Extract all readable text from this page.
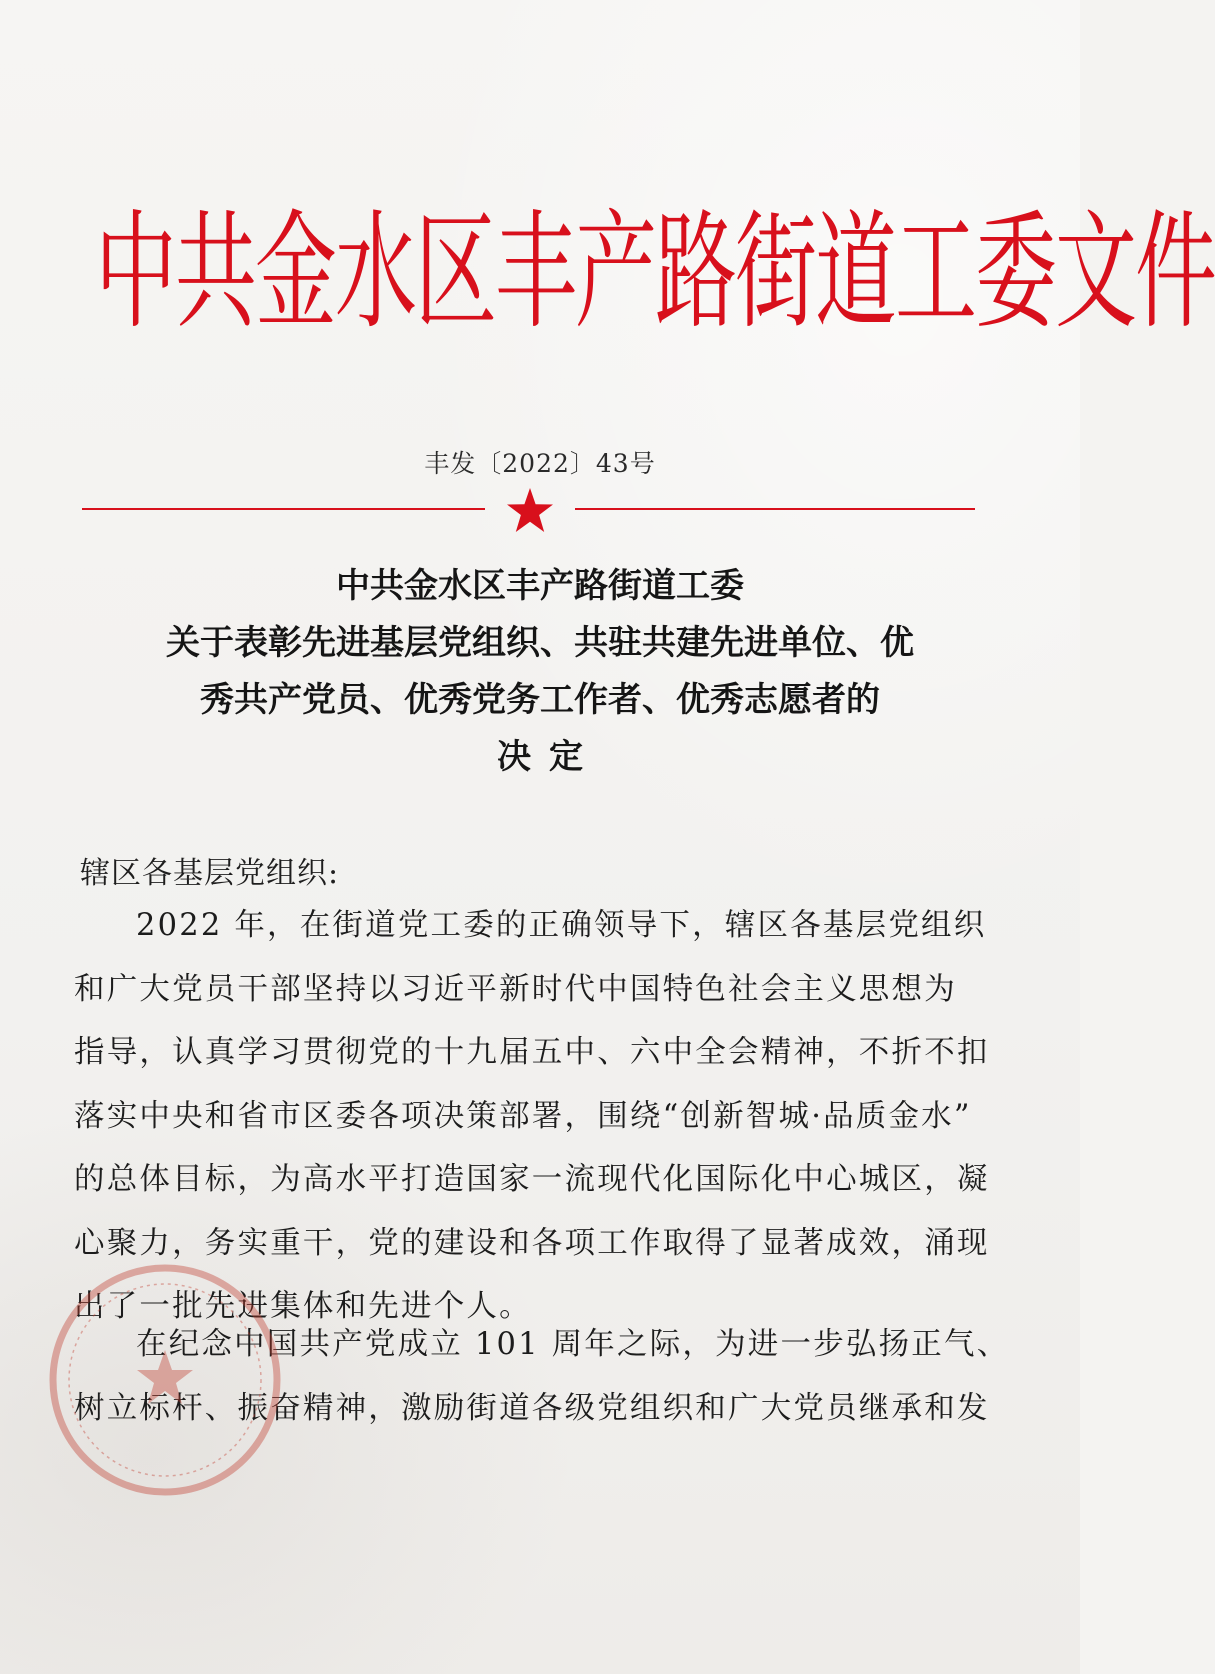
中共金水区丰产路街道工委文件
丰发〔2022〕43号
中共金水区丰产路街道工委
关于表彰先进基层党组织、共驻共建先进单位、优
秀共产党员、优秀党务工作者、优秀志愿者的
决定
辖区各基层党组织:
2022 年，在街道党工委的正确领导下，辖区各基层党组织
和广大党员干部坚持以习近平新时代中国特色社会主义思想为
指导，认真学习贯彻党的十九届五中、六中全会精神，不折不扣
落实中央和省市区委各项决策部署，围绕“创新智城·品质金水”
的总体目标，为高水平打造国家一流现代化国际化中心城区，凝
心聚力，务实重干，党的建设和各项工作取得了显著成效，涌现
出了一批先进集体和先进个人。
在纪念中国共产党成立 101 周年之际，为进一步弘扬正气、
树立标杆、振奋精神，激励街道各级党组织和广大党员继承和发
